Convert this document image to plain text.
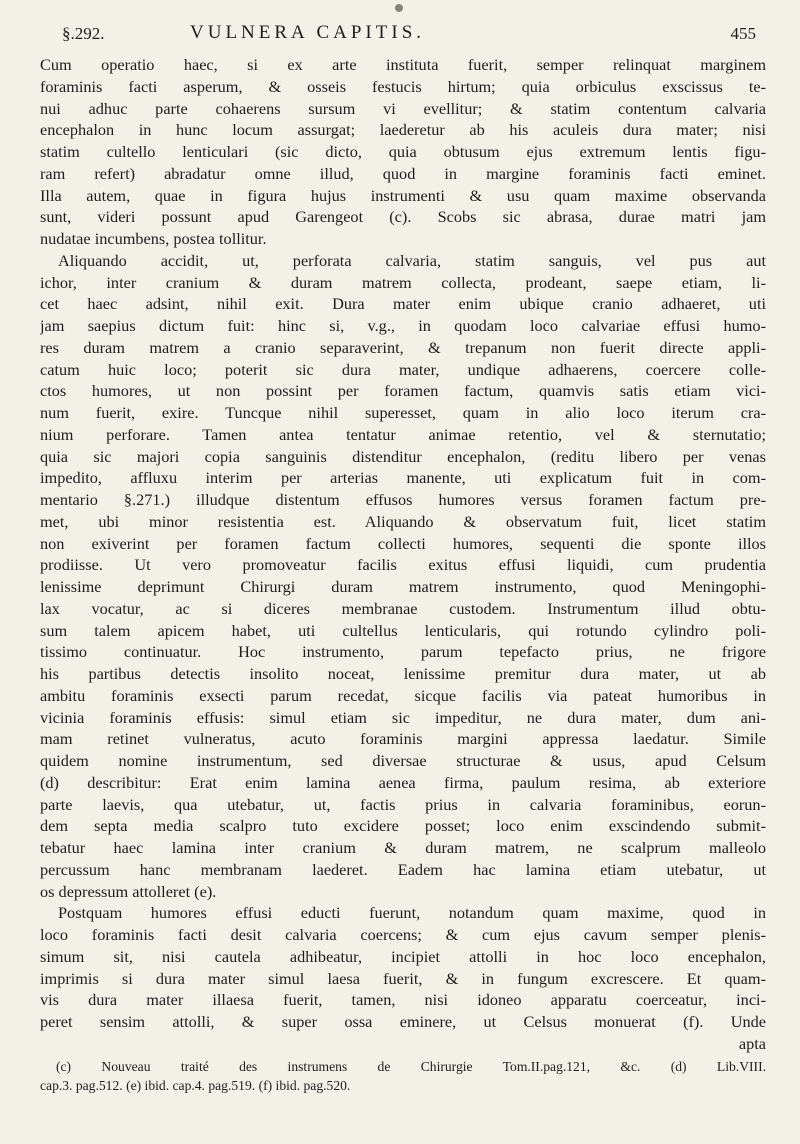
§.292.	VULNERA CAPITIS.	455
Cum operatio haec, si ex arte instituta fuerit, semper relinquat marginem
foraminis facti asperum, & osseis festucis hirtum; quia orbiculus exscissus te-
nui adhuc parte cohaerens sursum vi evellitur; & statim contentum calvaria
encephalon in hunc locum assurgat; laederetur ab his aculeis dura mater; nisi
statim cultello lenticulari (sic dicto, quia obtusum ejus extremum lentis figu-
ram refert) abradatur omne illud, quod in margine foraminis facti eminet.
Illa autem, quae in figura hujus instrumenti & usu quam maxime observanda
sunt, videri possunt apud Garengeot (c). Scobs sic abrasa, durae matri jam
nudatae incumbens, postea tollitur.
Aliquando accidit, ut, perforata calvaria, statim sanguis, vel pus aut
ichor, inter cranium & duram matrem collecta, prodeant, saepe etiam, li-
cet haec adsint, nihil exit. Dura mater enim ubique cranio adhaeret, uti
jam saepius dictum fuit: hinc si, v.g., in quodam loco calvariae effusi humo-
res duram matrem a cranio separaverint, & trepanum non fuerit directe appli-
catum huic loco; poterit sic dura mater, undique adhaerens, coercere colle-
ctos humores, ut non possint per foramen factum, quamvis satis etiam vici-
num fuerit, exire. Tuncque nihil superesset, quam in alio loco iterum cra-
nium perforare. Tamen antea tentatur animae retentio, vel & sternutatio;
quia sic majori copia sanguinis distenditur encephalon, (reditu libero per venas
impedito, affluxu interim per arterias manente, uti explicatum fuit in com-
mentario §.271.) illudque distentum effusos humores versus foramen factum pre-
met, ubi minor resistentia est. Aliquando & observatum fuit, licet statim
non exiverint per foramen factum collecti humores, sequenti die sponte illos
prodiisse. Ut vero promoveatur facilis exitus effusi liquidi, cum prudentia
lenissime deprimunt Chirurgi duram matrem instrumento, quod Meningophi-
lax vocatur, ac si diceres membranae custodem. Instrumentum illud obtu-
sum talem apicem habet, uti cultellus lenticularis, qui rotundo cylindro poli-
tissimo continuatur. Hoc instrumento, parum tepefacto prius, ne frigore
his partibus detectis insolito noceat, lenissime premitur dura mater, ut ab
ambitu foraminis exsecti parum recedat, sicque facilis via pateat humoribus in
vicinia foraminis effusis: simul etiam sic impeditur, ne dura mater, dum ani-
mam retinet vulneratus, acuto foraminis margini appressa laedatur. Simile
quidem nomine instrumentum, sed diversae structurae & usus, apud Celsum
(d) describitur: Erat enim lamina aenea firma, paulum resima, ab exteriore
parte laevis, qua utebatur, ut, factis prius in calvaria foraminibus, eorun-
dem septa media scalpro tuto excidere posset; loco enim exscindendo submit-
tebatur haec lamina inter cranium & duram matrem, ne scalprum malleolo
percussum hanc membranam laederet. Eadem hac lamina etiam utebatur, ut
os depressum attolleret (e).
Postquam humores effusi educti fuerunt, notandum quam maxime, quod in
loco foraminis facti desit calvaria coercens; & cum ejus cavum semper plenis-
simum sit, nisi cautela adhibeatur, incipiet attolli in hoc loco encephalon,
imprimis si dura mater simul laesa fuerit, & in fungum excrescere. Et quam-
vis dura mater illaesa fuerit, tamen, nisi idoneo apparatu coerceatur, inci-
peret sensim attolli, & super ossa eminere, ut Celsus monuerat (f). Unde
apta
(c) Nouveau traité des instrumens de Chirurgie Tom.II.pag.121, &c. (d) Lib.VIII.
cap.3. pag.512. (e) ibid. cap.4. pag.519. (f) ibid. pag.520.
